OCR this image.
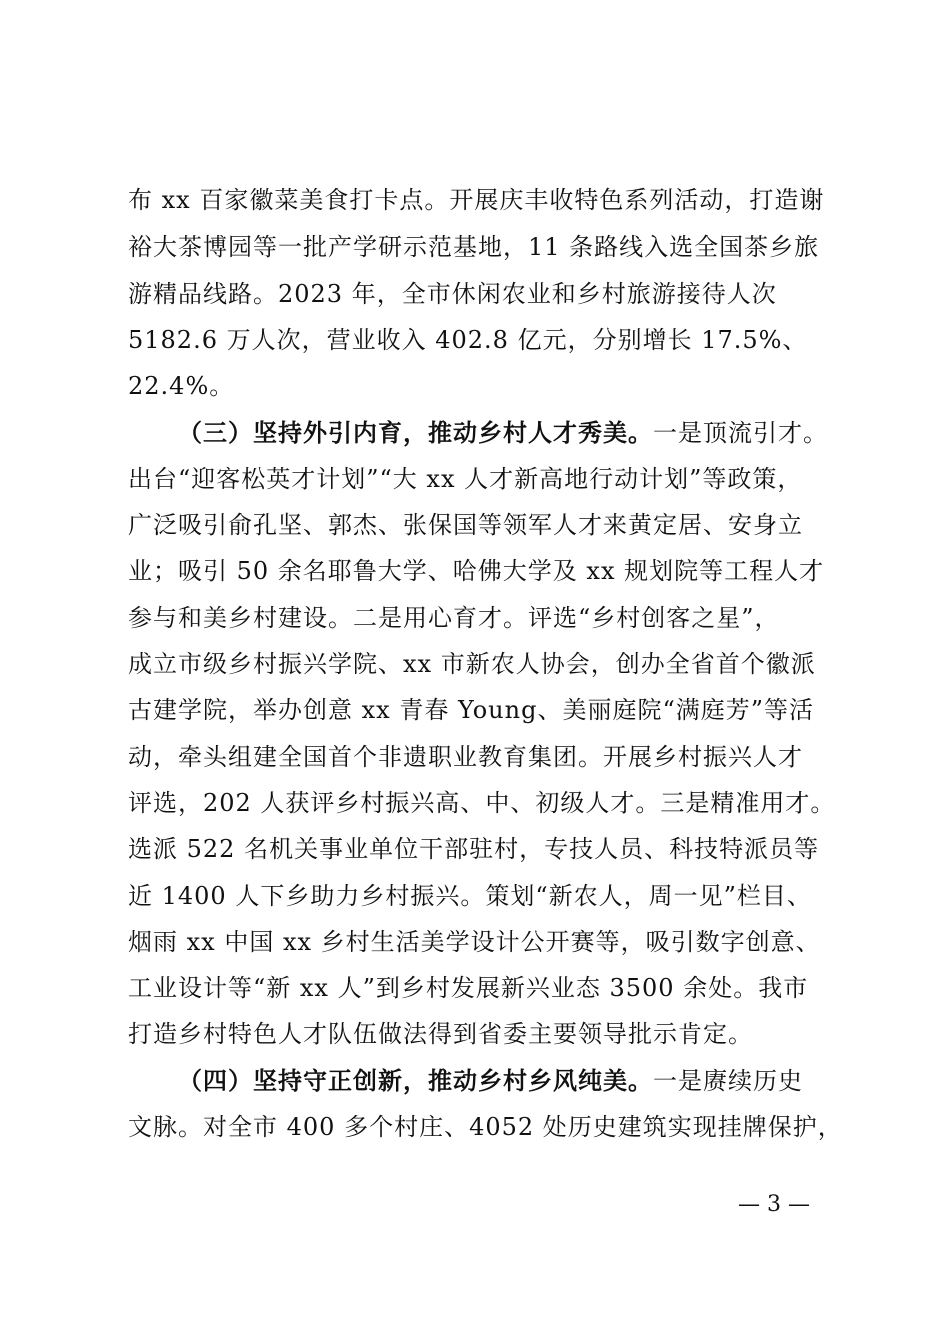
布 xx 百家徽菜美食打卡点。开展庆丰收特色系列活动，打造谢
裕大茶博园等一批产学研示范基地，11 条路线入选全国茶乡旅
游精品线路。2023 年，全市休闲农业和乡村旅游接待人次
5182.6 万人次，营业收入 402.8 亿元，分别增长 17.5%、
22.4%。
（三）坚持外引内育，推动乡村人才秀美。一是顶流引才。
出台“迎客松英才计划”“大 xx 人才新高地行动计划”等政策，
广泛吸引俞孔坚、郭杰、张保国等领军人才来黄定居、安身立
业；吸引 50 余名耶鲁大学、哈佛大学及 xx 规划院等工程人才
参与和美乡村建设。二是用心育才。评选“乡村创客之星”，
成立市级乡村振兴学院、xx 市新农人协会，创办全省首个徽派
古建学院，举办创意 xx 青春 Young、美丽庭院“满庭芳”等活
动，牵头组建全国首个非遗职业教育集团。开展乡村振兴人才
评选，202 人获评乡村振兴高、中、初级人才。三是精准用才。
选派 522 名机关事业单位干部驻村，专技人员、科技特派员等
近 1400 人下乡助力乡村振兴。策划“新农人，周一见”栏目、
烟雨 xx 中国 xx 乡村生活美学设计公开赛等，吸引数字创意、
工业设计等“新 xx 人”到乡村发展新兴业态 3500 余处。我市
打造乡村特色人才队伍做法得到省委主要领导批示肯定。
（四）坚持守正创新，推动乡村乡风纯美。一是赓续历史
文脉。对全市 400 多个村庄、4052 处历史建筑实现挂牌保护，
— 3 —
